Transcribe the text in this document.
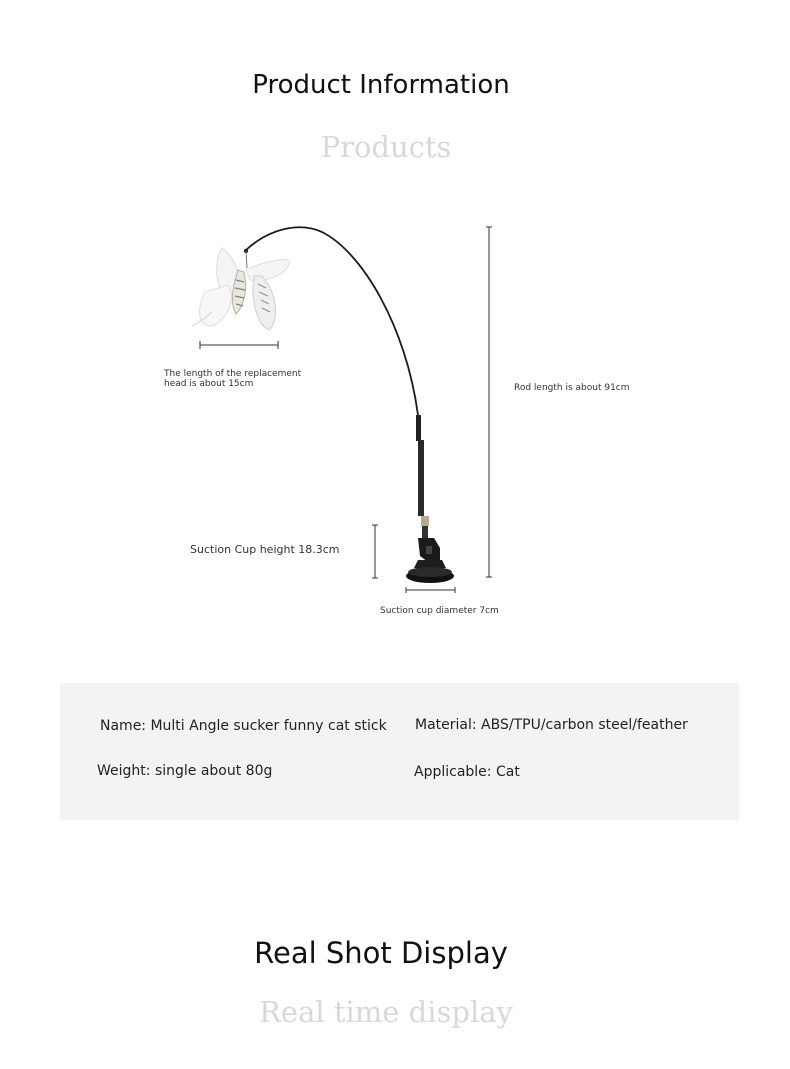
Product Information
Products
The length of the replacement head is about 15cm	Rod length is about 91cm
Suction Cup height 18.3cm
Suction cup diameter 7cm
Name: Multi Angle sucker funny cat stick Material: ABS/TPU/carbon steel/feather
Weight: single about 80g	Applicable: Cat
Real Shot Display
Real time display
